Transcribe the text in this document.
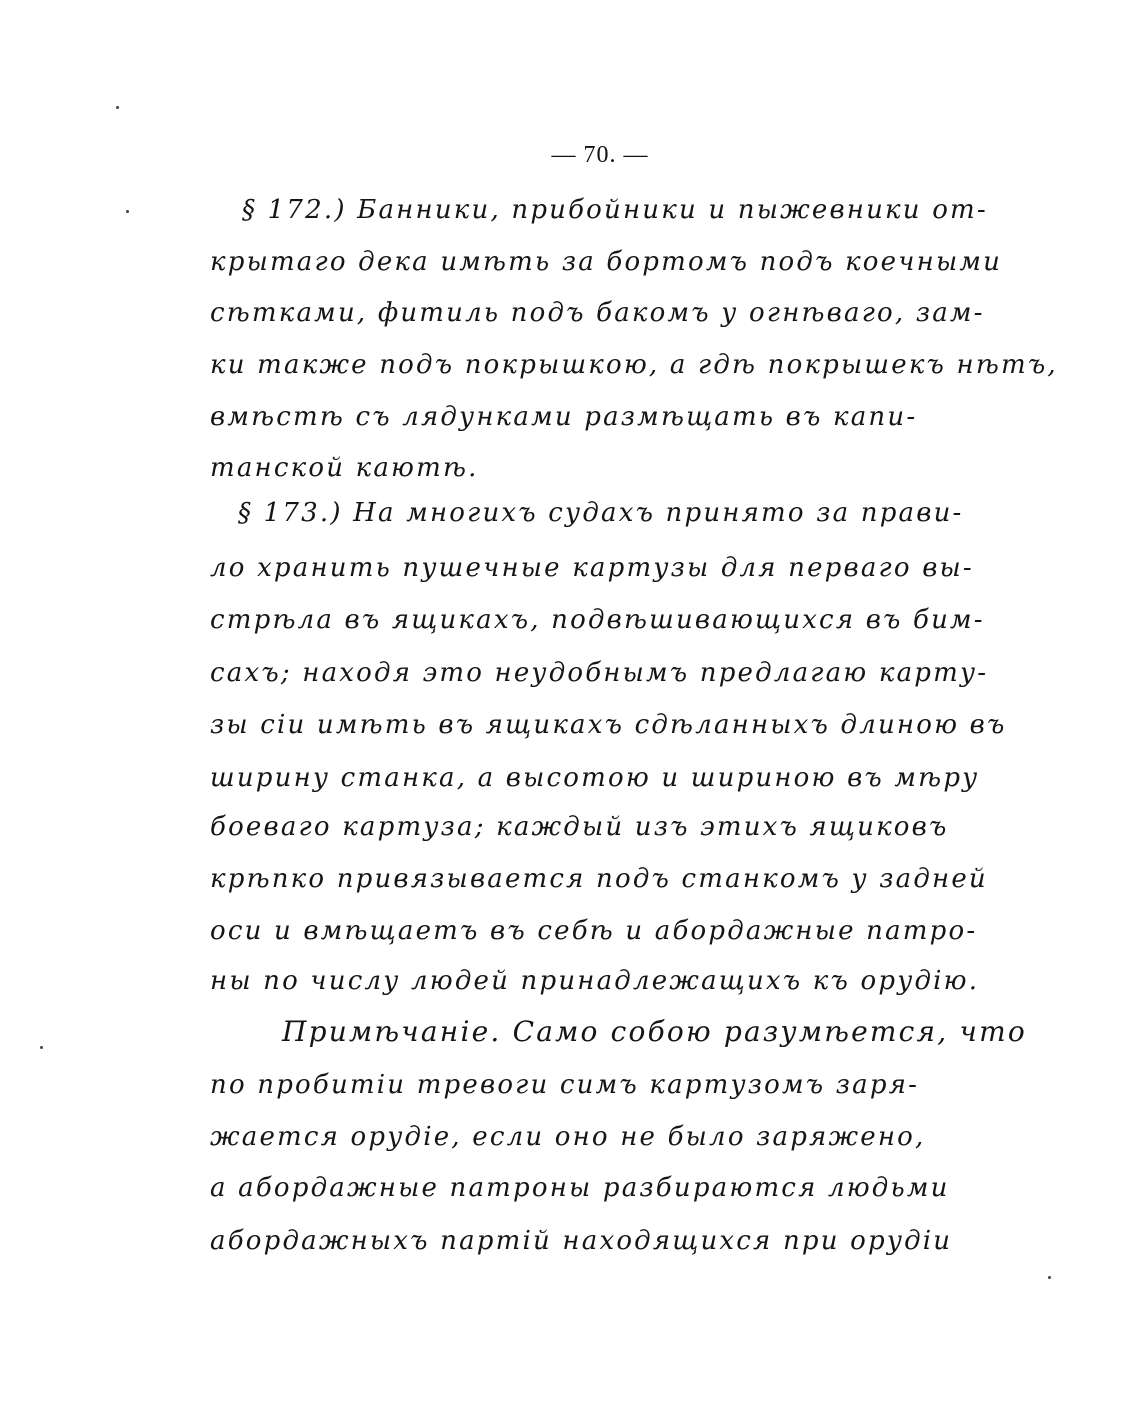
— 70. —
§ 172.) Банники, прибойники и пыжевники от-
крытаго дека имѣть за бортомъ подъ коечными
сѣтками, фитиль подъ бакомъ у огнѣваго, зам-
ки также подъ покрышкою, а гдѣ покрышекъ нѣтъ,
вмѣстѣ съ лядунками размѣщать въ капи-
танской каютѣ.
§ 173.) На многихъ судахъ принято за прави-
ло хранить пушечные картузы для перваго вы-
стрѣла въ ящикахъ, подвѣшивающихся въ бим-
сахъ; находя это неудобнымъ предлагаю карту-
зы сіи имѣть въ ящикахъ сдѣланныхъ длиною въ
ширину станка, а высотою и шириною въ мѣру
боеваго картуза; каждый изъ этихъ ящиковъ
крѣпко привязывается подъ станкомъ у задней
оси и вмѣщаетъ въ себѣ и абордажные патро-
ны по числу людей принадлежащихъ къ орудію.
Примѣчаніе. Само собою разумѣется, что
по пробитіи тревоги симъ картузомъ заря-
жается орудіе, если оно не было заряжено,
а абордажные патроны разбираются людьми
абордажныхъ партій находящихся при орудіи
